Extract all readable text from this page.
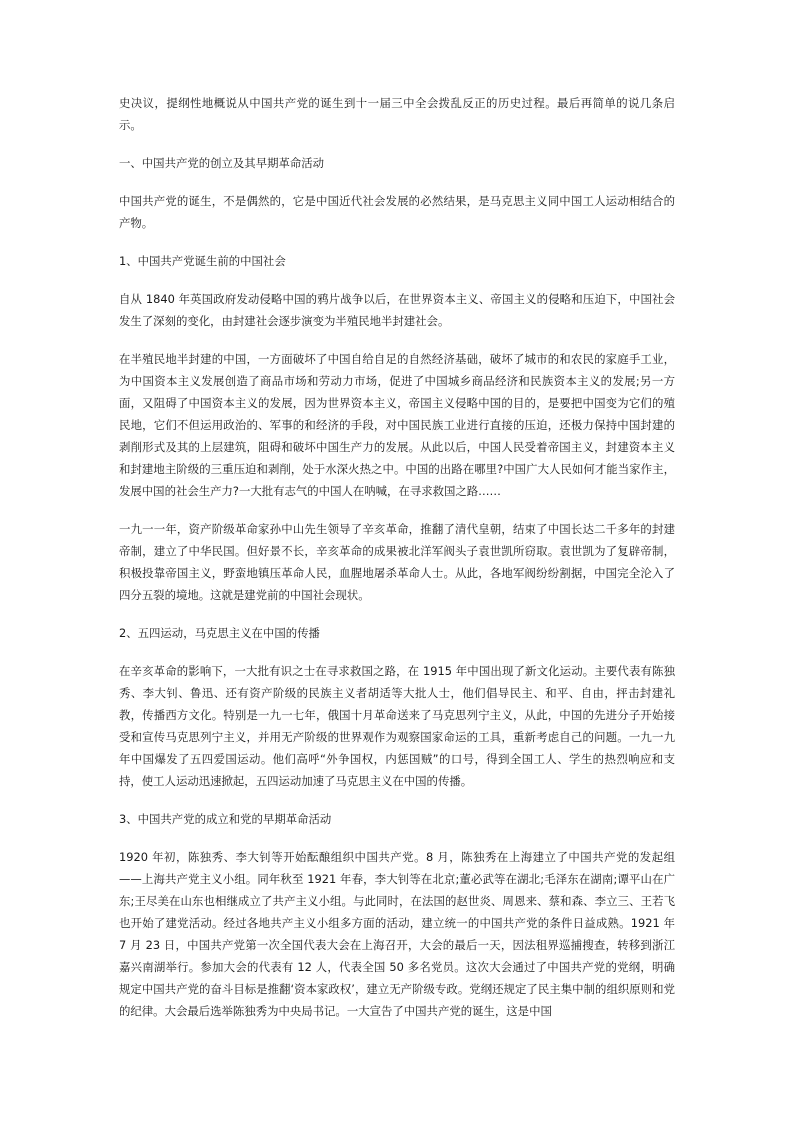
史决议，提纲性地概说从中国共产党的诞生到十一届三中全会拨乱反正的历史过程。最后再简单的说几条启示。

一、中国共产党的创立及其早期革命活动

中国共产党的诞生，不是偶然的，它是中国近代社会发展的必然结果，是马克思主义同中国工人运动相结合的产物。

1、中国共产党诞生前的中国社会

自从 1840 年英国政府发动侵略中国的鸦片战争以后，在世界资本主义、帝国主义的侵略和压迫下，中国社会发生了深刻的变化，由封建社会逐步演变为半殖民地半封建社会。

在半殖民地半封建的中国，一方面破坏了中国自给自足的自然经济基础，破坏了城市的和农民的家庭手工业，为中国资本主义发展创造了商品市场和劳动力市场，促进了中国城乡商品经济和民族资本主义的发展;另一方面，又阻碍了中国资本主义的发展，因为世界资本主义，帝国主义侵略中国的目的，是要把中国变为它们的殖民地，它们不但运用政治的、军事的和经济的手段，对中国民族工业进行直接的压迫，还极力保持中国封建的剥削形式及其的上层建筑，阻碍和破坏中国生产力的发展。从此以后，中国人民受着帝国主义，封建资本主义和封建地主阶级的三重压迫和剥削，处于水深火热之中。中国的出路在哪里?中国广大人民如何才能当家作主，发展中国的社会生产力?一大批有志气的中国人在呐喊，在寻求救国之路……

一九一一年，资产阶级革命家孙中山先生领导了辛亥革命，推翻了清代皇朝，结束了中国长达二千多年的封建帝制，建立了中华民国。但好景不长，辛亥革命的成果被北洋军阀头子袁世凯所窃取。袁世凯为了复辟帝制，积极投靠帝国主义，野蛮地镇压革命人民，血腥地屠杀革命人士。从此，各地军阀纷纷割据，中国完全沦入了四分五裂的境地。这就是建党前的中国社会现状。

2、五四运动，马克思主义在中国的传播

在辛亥革命的影响下，一大批有识之士在寻求救国之路，在 1915 年中国出现了新文化运动。主要代表有陈独秀、李大钊、鲁迅、还有资产阶级的民族主义者胡适等大批人士，他们倡导民主、和平、自由，抨击封建礼教，传播西方文化。特别是一九一七年，俄国十月革命送来了马克思列宁主义，从此，中国的先进分子开始接受和宣传马克思列宁主义，并用无产阶级的世界观作为观察国家命运的工具，重新考虑自己的问题。一九一九年中国爆发了五四爱国运动。他们高呼“外争国权，内惩国贼”的口号，得到全国工人、学生的热烈响应和支持，使工人运动迅速掀起，五四运动加速了马克思主义在中国的传播。

3、中国共产党的成立和党的早期革命活动

1920 年初，陈独秀、李大钊等开始酝酿组织中国共产党。8 月，陈独秀在上海建立了中国共产党的发起组——上海共产党主义小组。同年秋至 1921 年春，李大钊等在北京;董必武等在湖北;毛泽东在湖南;谭平山在广东;王尽美在山东也相继成立了共产主义小组。与此同时，在法国的赵世炎、周恩来、蔡和森、李立三、王若飞也开始了建党活动。经过各地共产主义小组多方面的活动，建立统一的中国共产党的条件日益成熟。1921 年 7 月 23 日，中国共产党第一次全国代表大会在上海召开，大会的最后一天，因法租界巡捕搜查，转移到浙江嘉兴南湖举行。参加大会的代表有 12 人，代表全国 50 多名党员。这次大会通过了中国共产党的党纲，明确规定中国共产党的奋斗目标是推翻‘资本家政权’，建立无产阶级专政。党纲还规定了民主集中制的组织原则和党的纪律。大会最后选举陈独秀为中央局书记。一大宣告了中国共产党的诞生，这是中国
